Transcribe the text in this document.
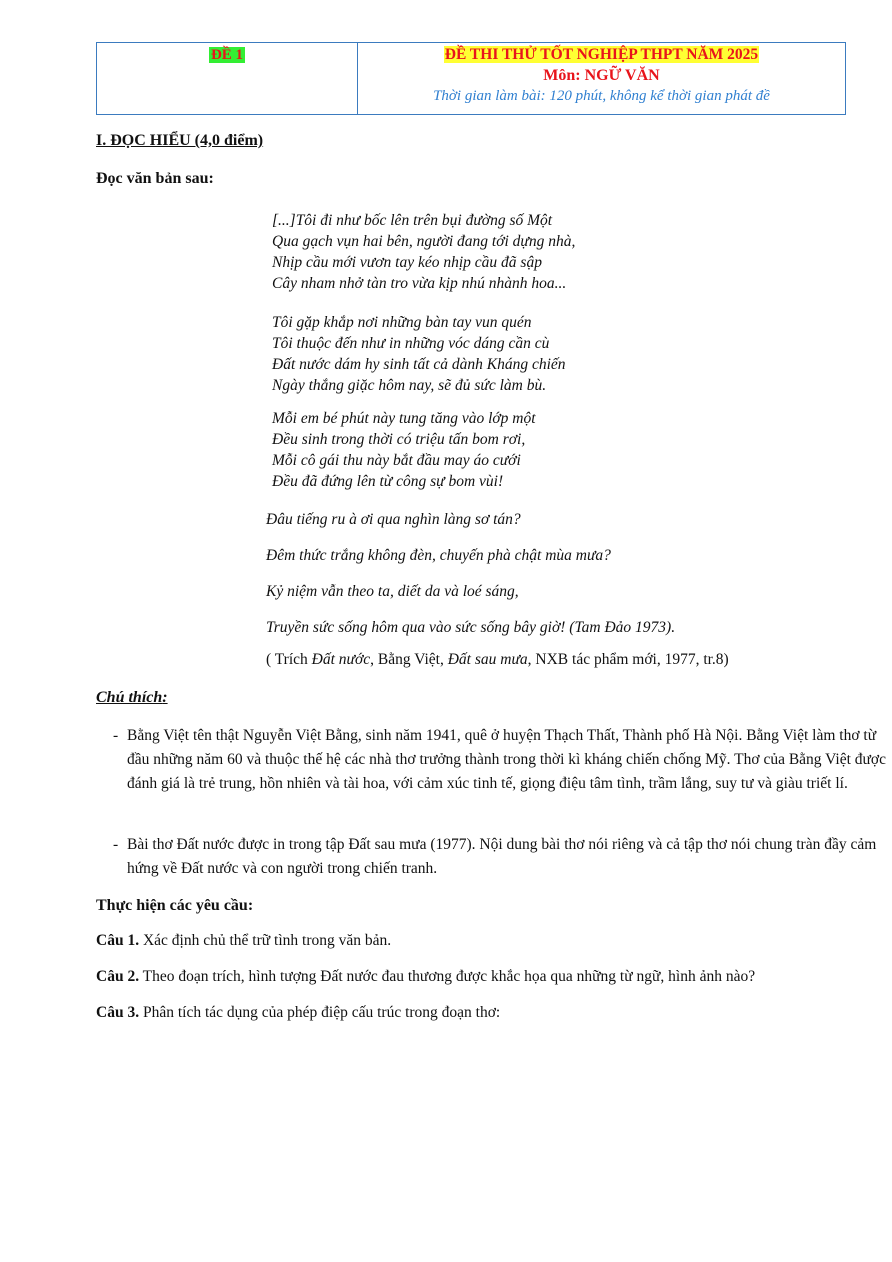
ĐỀ 1	ĐỀ THI THỬ TỐT NGHIỆP THPT NĂM 2025
Môn: NGỮ VĂN
Thời gian làm bài: 120 phút, không kể thời gian phát đề
I. ĐỌC HIỂU (4,0 điểm)
Đọc văn bản sau:
[...]Tôi đi như bốc lên trên bụi đường số Một
Qua gạch vụn hai bên, người đang tới dựng nhà,
Nhịp cầu mới vươn tay kéo nhịp cầu đã sập
Cây nham nhở tàn tro vừa kịp nhú nhành hoa...
Tôi gặp khắp nơi những bàn tay vun quén
Tôi thuộc đến như in những vóc dáng cần cù
Đất nước dám hy sinh tất cả dành Kháng chiến
Ngày thắng giặc hôm nay, sẽ đủ sức làm bù.
Mỗi em bé phút này tung tăng vào lớp một
Đều sinh trong thời có triệu tấn bom rơi,
Mỗi cô gái thu này bắt đầu may áo cưới
Đều đã đứng lên từ công sự bom vùi!
Đâu tiếng ru à ơi qua nghìn làng sơ tán?
Đêm thức trắng không đèn, chuyến phà chật mùa mưa?
Kỷ niệm vẫn theo ta, diết da và loé sáng,
Truyền sức sống hôm qua vào sức sống bây giờ! (Tam Đảo 1973).
( Trích Đất nước, Bằng Việt, Đất sau mưa, NXB tác phẩm mới, 1977, tr.8)
Chú thích:
- Bằng Việt tên thật Nguyễn Việt Bằng, sinh năm 1941, quê ở huyện Thạch Thất, Thành phố Hà Nội. Bằng Việt làm thơ từ đầu những năm 60 và thuộc thế hệ các nhà thơ trưởng thành trong thời kì kháng chiến chống Mỹ. Thơ của Bằng Việt được đánh giá là trẻ trung, hồn nhiên và tài hoa, với cảm xúc tinh tế, giọng điệu tâm tình, trầm lắng, suy tư và giàu triết lí.
- Bài thơ Đất nước được in trong tập Đất sau mưa (1977). Nội dung bài thơ nói riêng và cả tập thơ nói chung tràn đầy cảm hứng về Đất nước và con người trong chiến tranh.
Thực hiện các yêu cầu:
Câu 1. Xác định chủ thể trữ tình trong văn bản.
Câu 2. Theo đoạn trích, hình tượng Đất nước đau thương được khắc họa qua những từ ngữ, hình ảnh nào?
Câu 3. Phân tích tác dụng của phép điệp cấu trúc trong đoạn thơ:
